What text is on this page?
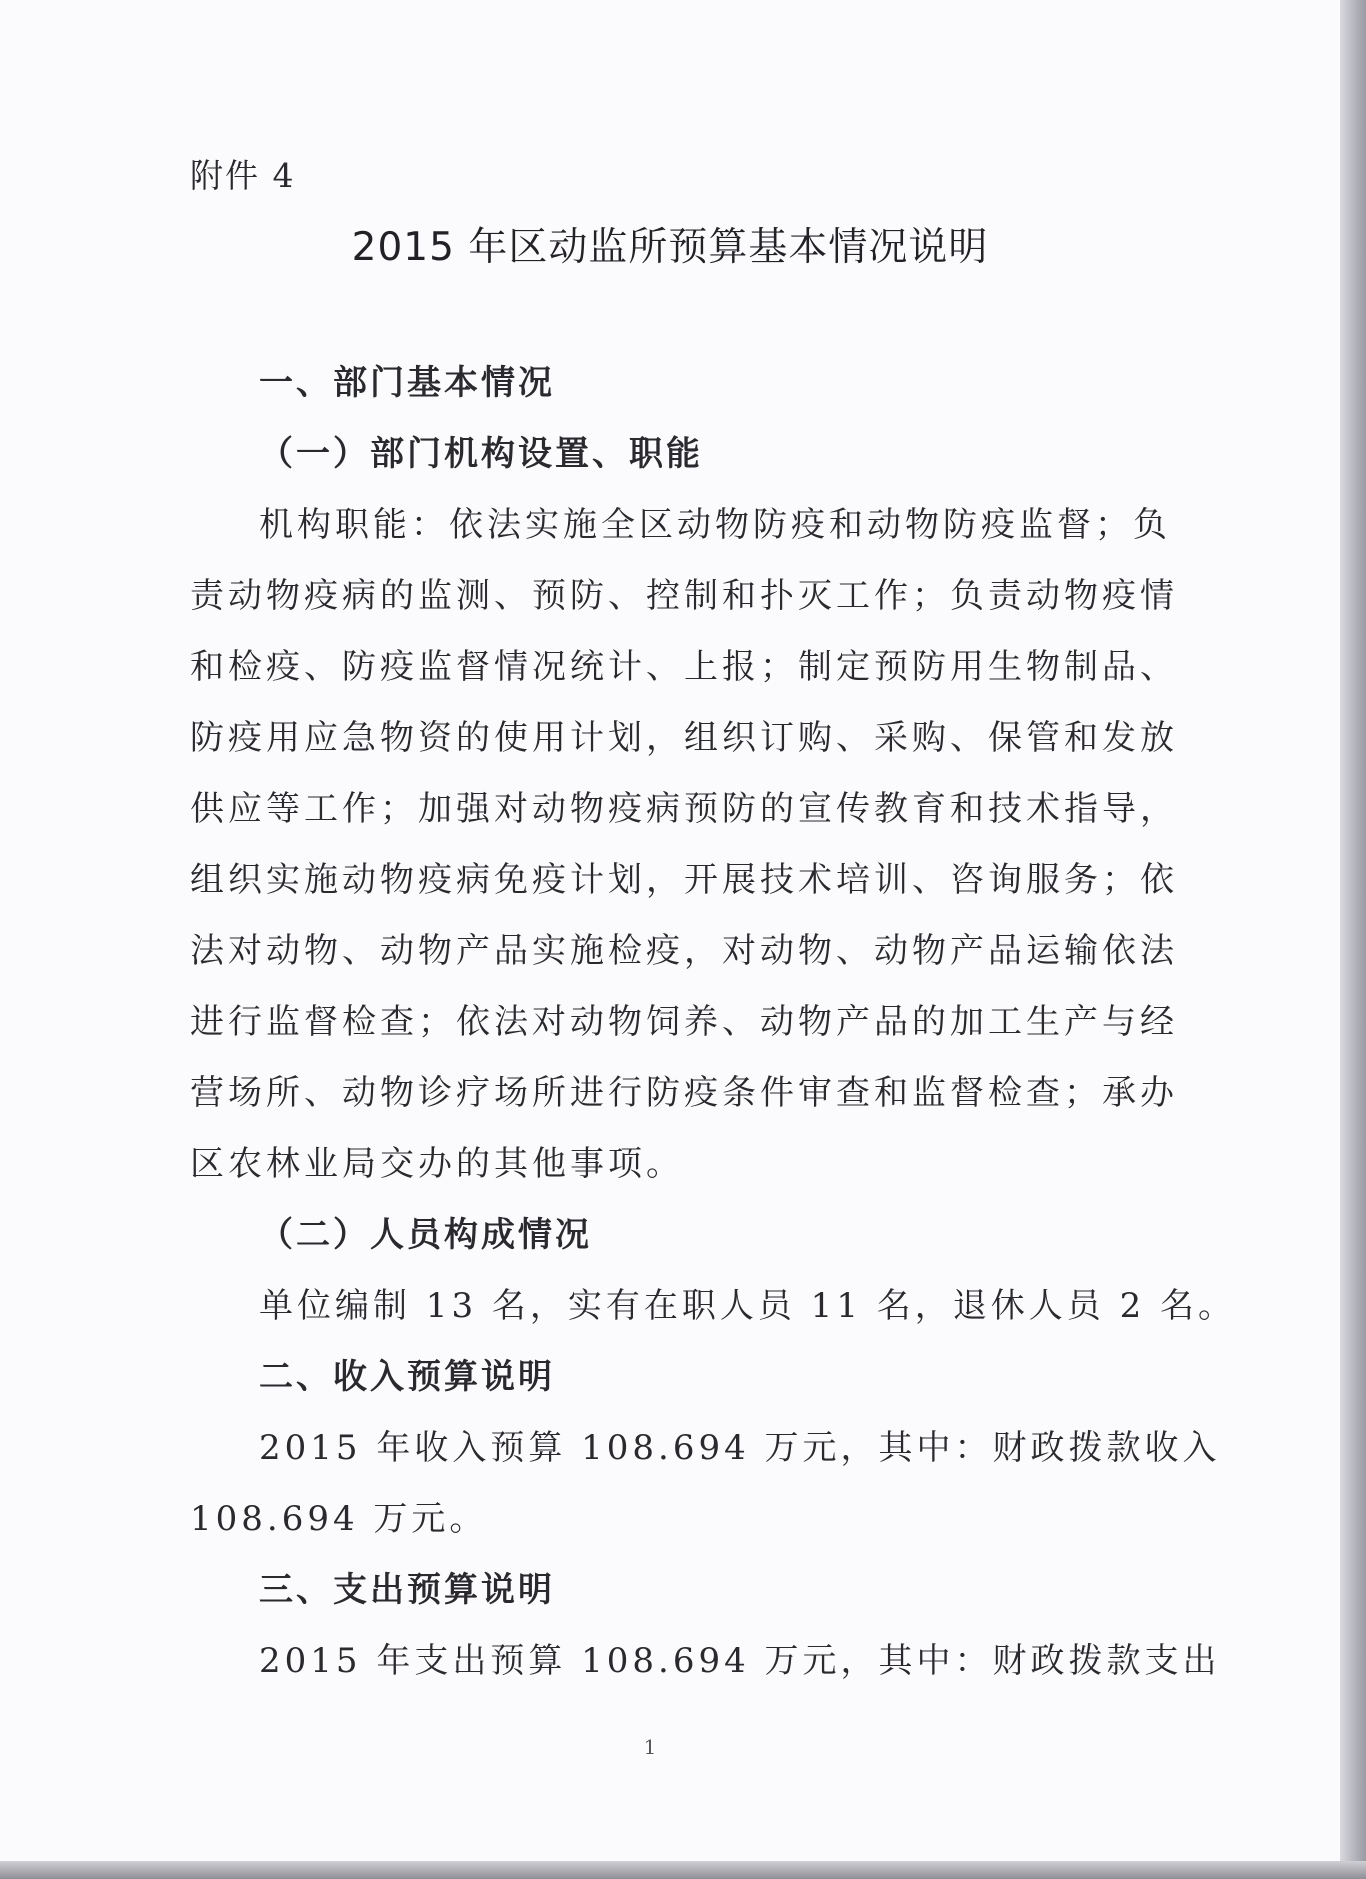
附件 4
2015 年区动监所预算基本情况说明
一、部门基本情况
（一）部门机构设置、职能
机构职能：依法实施全区动物防疫和动物防疫监督；负
责动物疫病的监测、预防、控制和扑灭工作；负责动物疫情
和检疫、防疫监督情况统计、上报；制定预防用生物制品、
防疫用应急物资的使用计划，组织订购、采购、保管和发放
供应等工作；加强对动物疫病预防的宣传教育和技术指导，
组织实施动物疫病免疫计划，开展技术培训、咨询服务；依
法对动物、动物产品实施检疫，对动物、动物产品运输依法
进行监督检查；依法对动物饲养、动物产品的加工生产与经
营场所、动物诊疗场所进行防疫条件审查和监督检查；承办
区农林业局交办的其他事项。
（二）人员构成情况
单位编制 13 名，实有在职人员 11 名，退休人员 2 名。
二、收入预算说明
2015 年收入预算 108.694 万元，其中：财政拨款收入
108.694 万元。
三、支出预算说明
2015 年支出预算 108.694 万元，其中：财政拨款支出
1
